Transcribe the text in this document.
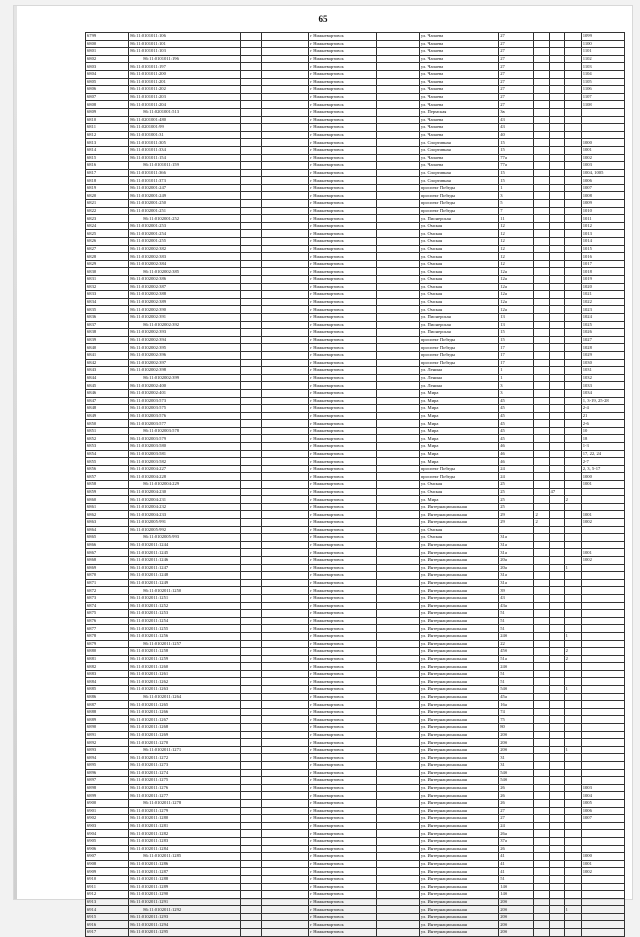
65
6799	86:11:0101011:106			г Нижневартовск		ул. Чапаева	27				1099
6800	86:11:0101011:101			г Нижневартовск		ул. Чапаева	27				1100
6801	86:11:0101011:103			г Нижневартовск		ул. Чапаева	27				1101
6802	86:11:0101011:196			г Нижневартовск		ул. Чапаева	27				1102
6803	86:11:0101011:197			г Нижневартовск		ул. Чапаева	27				1103
6804	86:11:0101011:200			г Нижневартовск		ул. Чапаева	27				1104
6805	86:11:0101011:201			г Нижневартовск		ул. Чапаева	27				1105
6806	86:11:0101011:202			г Нижневартовск		ул. Чапаева	27				1106
6807	86:11:0101011:203			г Нижневартовск		ул. Чапаева	27				1107
6808	86:11:0101011:204			г Нижневартовск		ул. Чапаева	27				1108
6809	86:11:0201001:513			г Нижневартовск		ул. Пермская	3в				
6810	86:11:0201001:480			г Нижневартовск		ул. Чапаева	43				
6811	86:11:0201001:99			г Нижневартовск		ул. Чапаева	43				
6812	86:11:0101001:31			г Нижневартовск		ул. Чапаева	40				
6813	86:11:0101011:305			г Нижневартовск		ул. Спортивная	15				1000
6814	86:11:0101011:334			г Нижневартовск		ул. Спортивная	15				1001
6815	86:11:0101011:154			г Нижневартовск		ул. Чапаева	77а				1002
6816	86:11:0101011:159			г Нижневартовск		ул. Чапаева	77а				1003
6817	86:11:0101011:366			г Нижневартовск		ул. Спортивная	15				1004, 1005
6818	86:11:0101011:373			г Нижневартовск		ул. Спортивная	15				1006
6819	86:11:0102001:247			г Нижневартовск		проспект Победы	1				1007
6820	86:11:0102001:249			г Нижневартовск		проспект Победы	3				1008
6821	86:11:0102001:250			г Нижневартовск		проспект Победы	5				1009
6822	86:11:0102001:251			г Нижневартовск		проспект Победы	7				1010
6823	86:11:0102001:252			г Нижневартовск		ул. Пионерская	11				1011
6824	86:11:0102001:253			г Нижневартовск		ул. Омская	12				1012
6825	86:11:0102001:254			г Нижневартовск		ул. Омская	12				1013
6826	86:11:0102001:255			г Нижневартовск		ул. Омская	12				1014
6827	86:11:0102002:382			г Нижневартовск		ул. Омская	12				1015
6828	86:11:0102002:383			г Нижневартовск		ул. Омская	12				1016
6829	86:11:0102002:384			г Нижневартовск		ул. Омская	12				1017
6830	86:11:0102002:385			г Нижневартовск		ул. Омская	12а				1018
6831	86:11:0102002:386			г Нижневартовск		ул. Омская	12а				1019
6832	86:11:0102002:387			г Нижневартовск		ул. Омская	12а				1020
6833	86:11:0102002:388			г Нижневартовск		ул. Омская	12а				1021
6834	86:11:0102002:389			г Нижневартовск		ул. Омская	12а				1022
6835	86:11:0102002:390			г Нижневартовск		ул. Омская	12а				1023
6836	86:11:0102002:391			г Нижневартовск		ул. Пионерская	13				1024
6837	86:11:0102002:392			г Нижневартовск		ул. Пионерская	13				1025
6838	86:11:0102002:393			г Нижневартовск		ул. Пионерская	15				1026
6839	86:11:0102002:394			г Нижневартовск		проспект Победы	15				1027
6840	86:11:0102002:395			г Нижневартовск		проспект Победы	17				1028
6841	86:11:0102002:396			г Нижневартовск		проспект Победы	17				1029
6842	86:11:0102002:397			г Нижневартовск		проспект Победы	17				1030
6843	86:11:0102002:398			г Нижневартовск		ул. Ленина	1				1031
6844	86:11:0102002:399			г Нижневартовск		ул. Ленина	1				1032
6845	86:11:0102002:400			г Нижневартовск		ул. Ленина	3				1033
6846	86:11:0102002:401			г Нижневартовск		ул. Мира	3				1034
6847	86:11:0102003:573			г Нижневартовск		ул. Мира	45				1, 3-19, 25-28
6848	86:11:0102003:575			г Нижневартовск		ул. Мира	45				2-4
6849	86:11:0102003:576			г Нижневартовск		ул. Мира	45				21
6850	86:11:0102003:577			г Нижневартовск		ул. Мира	45				2-6
6851	86:11:0102003:578			г Нижневартовск		ул. Мира	45				10
6852	86:11:0102003:579			г Нижневартовск		ул. Мира	45				18
6853	86:11:0102003:580			г Нижневартовск		ул. Мира	46				1-3
6854	86:11:0102003:581			г Нижневартовск		ул. Мира	46				17, 22, 24
6855	86:11:0102003:582			г Нижневартовск		ул. Мира	46				2-7
6856	86:11:0102004:227			г Нижневартовск		проспект Победы	24				2, 3, 5-17
6857	86:11:0102004:228			г Нижневартовск		проспект Победы	24				1000
6858	86:11:0102004:229			г Нижневартовск		ул. Омская	25				1001
6859	86:11:0102004:230			г Нижневартовск		ул. Омская	25		47		
6860	86:11:0102004:231			г Нижневартовск		ул. Мира	25			2	
6861	86:11:0102004:232			г Нижневартовск		ул. Интернациональная	25				
6862	86:11:0102004:233			г Нижневартовск		ул. Интернациональная	29	2			1001
6863	86:11:0102005:991			г Нижневартовск		ул. Интернациональная	29	2			1002
6864	86:11:0102005:992			г Нижневартовск		ул. Омская					
6865	86:11:0102005:993			г Нижневартовск		ул. Омская	31а				
6866	86:11:0102011:1244			г Нижневартовск		ул. Интернациональная	31а				
6867	86:11:0102011:1245			г Нижневартовск		ул. Интернациональная	31а				1001
6868	86:11:0102011:1246			г Нижневартовск		ул. Интернациональная	20а				1002
6869	86:11:0102011:1247			г Нижневартовск		ул. Интернациональная	20а			1	
6870	86:11:0102011:1248			г Нижневартовск		ул. Интернациональная	31а				
6871	86:11:0102011:1249			г Нижневартовск		ул. Интернациональная	31а				
6872	86:11:0102011:1250			г Нижневартовск		ул. Интернациональная	39				
6873	86:11:0102011:1251			г Нижневартовск		ул. Интернациональная	43				
6874	86:11:0102011:1252			г Нижневартовск		ул. Интернациональная	43а				
6875	86:11:0102011:1253			г Нижневартовск		ул. Интернациональная	51				
6876	86:11:0102011:1254			г Нижневартовск		ул. Интернациональная	51				
6877	86:11:0102011:1255			г Нижневартовск		ул. Интернациональная	51				
6878	86:11:0102011:1256			г Нижневартовск		ул. Интернациональная	24б			1	
6879	86:11:0102011:1257			г Нижневартовск		ул. Интернациональная	22				
6880	86:11:0102011:1258			г Нижневартовск		ул. Интернациональная	45б			2	
6881	86:11:0102011:1259			г Нижневартовск		ул. Интернациональная	51а			2	
6882	86:11:0102011:1260			г Нижневартовск		ул. Интернациональная	24б				
6883	86:11:0102011:1261			г Нижневартовск		ул. Интернациональная	51				
6884	86:11:0102011:1262			г Нижневартовск		ул. Интернациональная	51				
6885	86:11:0102011:1263			г Нижневартовск		ул. Интернациональная	54б			1	
6886	86:11:0102011:1264			г Нижневартовск		ул. Интернациональная	45а				
6887	86:11:0102011:1265			г Нижневартовск		ул. Интернациональная	16а				
6888	86:11:0102011:1266			г Нижневартовск		ул. Интернациональная	74				
6889	86:11:0102011:1267			г Нижневартовск		ул. Интернациональная	75				
6890	86:11:0102011:1268			г Нижневартовск		ул. Интернациональная	80				
6891	86:11:0102011:1269			г Нижневартовск		ул. Интернациональная	20б				
6892	86:11:0102011:1270			г Нижневартовск		ул. Интернациональная	20б				
6893	86:11:0102011:1271			г Нижневартовск		ул. Интернациональная	20б			1	
6894	86:11:0102011:1272			г Нижневартовск		ул. Интернациональная	31				
6895	86:11:0102011:1273			г Нижневартовск		ул. Интернациональная	31				
6896	86:11:0102011:1274			г Нижневартовск		ул. Интернациональная	54б				
6897	86:11:0102011:1275			г Нижневартовск		ул. Интернациональная	54б				
6898	86:11:0102011:1276			г Нижневартовск		ул. Интернациональная	26				1003
6899	86:11:0102011:1277			г Нижневартовск		ул. Интернациональная	26				1004
6900	86:11:0102011:1278			г Нижневартовск		ул. Интернациональная	26				1005
6901	86:11:0102011:1279			г Нижневартовск		ул. Интернациональная	27				1006
6902	86:11:0102011:1280			г Нижневартовск		ул. Интернациональная	27				1007
6903	86:11:0102011:1281			г Нижневартовск		ул. Интернациональная	24				
6904	86:11:0102011:1282			г Нижневартовск		ул. Интернациональная	26а				
6905	86:11:0102011:1283			г Нижневартовск		ул. Интернациональная	37а				
6906	86:11:0102011:1284			г Нижневартовск		ул. Интернациональная	26				
6907	86:11:0102011:1285			г Нижневартовск		ул. Интернациональная	41				1000
6908	86:11:0102011:1286			г Нижневартовск		ул. Интернациональная	41				1001
6909	86:11:0102011:1287			г Нижневартовск		ул. Интернациональная	41				1002
6910	86:11:0102011:1288			г Нижневартовск		ул. Интернациональная	51				
6911	86:11:0102011:1289			г Нижневартовск		ул. Интернациональная	14б				
6912	86:11:0102011:1290			г Нижневартовск		ул. Интернациональная	14б				
6913	86:11:0102011:1291			г Нижневартовск		ул. Интернациональная	20б				
6914	86:11:0102011:1292			г Нижневартовск		ул. Интернациональная	20б			1	
6915	86:11:0102011:1293			г Нижневартовск		ул. Интернациональная	20б				
6916	86:11:0102011:1294			г Нижневартовск		ул. Интернациональная	20б				
6917	86:11:0102011:1295			г Нижневартовск		ул. Интернациональная	20б				
